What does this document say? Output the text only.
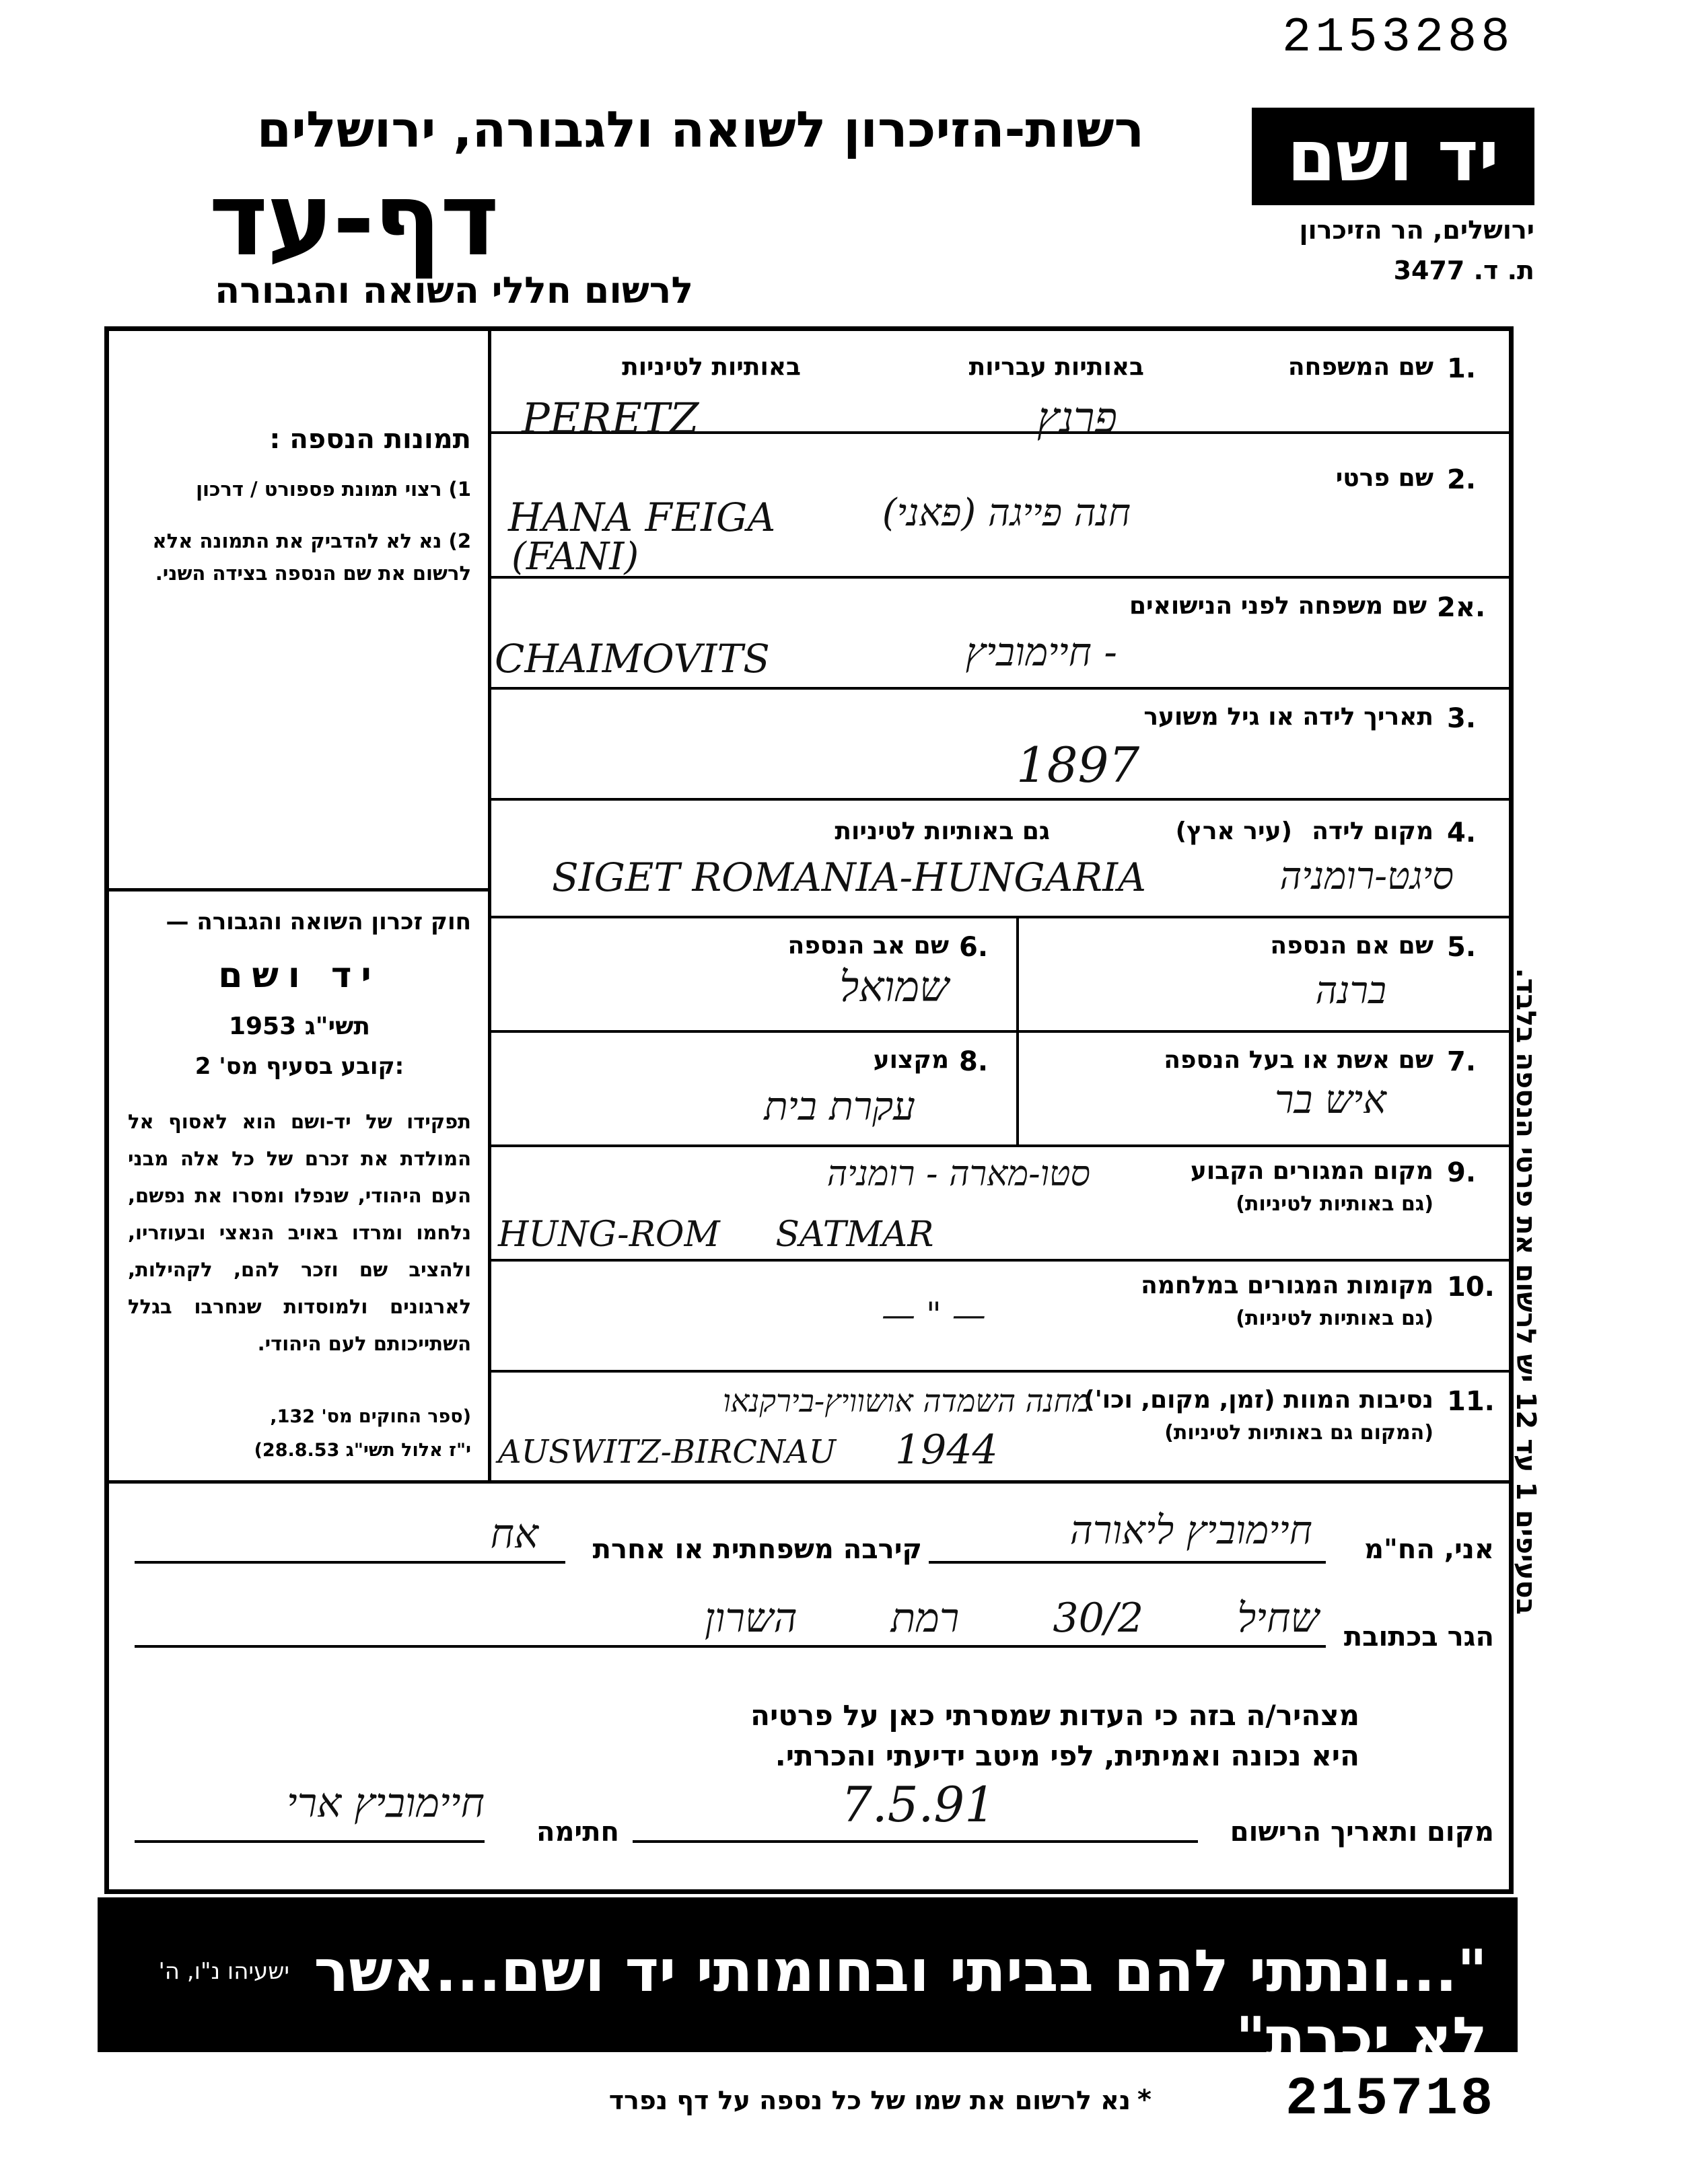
2153288
רשות-הזיכרון לשואה ולגבורה, ירושלים
דף-עד
לרשום חללי השואה והגבורה
יד ושם
ירושלים, הר הזיכרון
ת. ד. 3477
תמונות הנספה :
1) רצוי תמונת פספורט / דרכון
2) נא לא להדביק את התמונה אלא לרשום את שם הנספה בצידה השני.
חוק זכרון השואה והגבורה —
יד ושם
תשי"ג 1953
קובע בסעיף מס' 2:
תפקידו של יד-ושם הוא לאסוף אל המולדת את זכרם של כל אלה מבני העם היהודי, שנפלו ומסרו את נפשם, נלחמו ומרדו באויב הנאצי ובעוזריו, ולהציב שם וזכר להם, לקהילות, לארגונים ולמוסדות שנחרבו בגלל השתייכותם לעם היהודי.
(ספר החוקים מס' 132,
י"ז אלול תשי"ג 28.8.53)
בסעיפים 1 עד 12 יש לרשום את פרטי הנספה בלבד.
1.
שם המשפחה
באותיות עבריות
באותיות לטיניות
PERETZ	פרנץ
2.
שם פרטי
HANA FEIGA
(FANI)
חנה פייגה (פאני)
2א.
שם משפחה לפני הנישואים
CHAIMOVITS	- חיימוביץ
3.
תאריך לידה או גיל משוער
1897
4.
מקום לידה
(עיר ארץ)
גם באותיות לטיניות
SIGET ROMANIA-HUNGARIA	סיגט-רומניה
5.
שם אם הנספה
ברנה
6.
שם אב הנספה
שמואל
7.
שם אשת או בעל הנספה
איש בר
8.
מקצוע
עקרת בית
9.
מקום המגורים הקבוע
(גם באותיות לטיניות)
סטו-מארה - רומניה
HUNG-ROM     SATMAR
10.
מקומות המגורים במלחמה
(גם באותיות לטיניות)
— " —
11.
נסיבות המוות (זמן, מקום, וכו')
(המקום גם באותיות לטיניות)
מחנה השמדה אושוויץ-בירקנאו
AUSWITZ-BIRCNAU 1944
אני, הח"מ
חיימוביץ ליאורה
קירבה משפחתית או אחרת
אח
הגר בכתובת
שחיל 30/2 רמת השרון
מצהיר/ה בזה כי העדות שמסרתי כאן על פרטיה
היא נכונה ואמיתית, לפי מיטב ידיעתי והכרתי.
מקום ותאריך הרישום
7.5.91
חתימה
חיימוביץ ארי
"...ונתתי להם בביתי ובחומותי יד ושם...אשר לא יכרת"
ישעיהו נ"ו, ה'
215718
נא לרשום את שמו של כל נספה על דף נפרד *
